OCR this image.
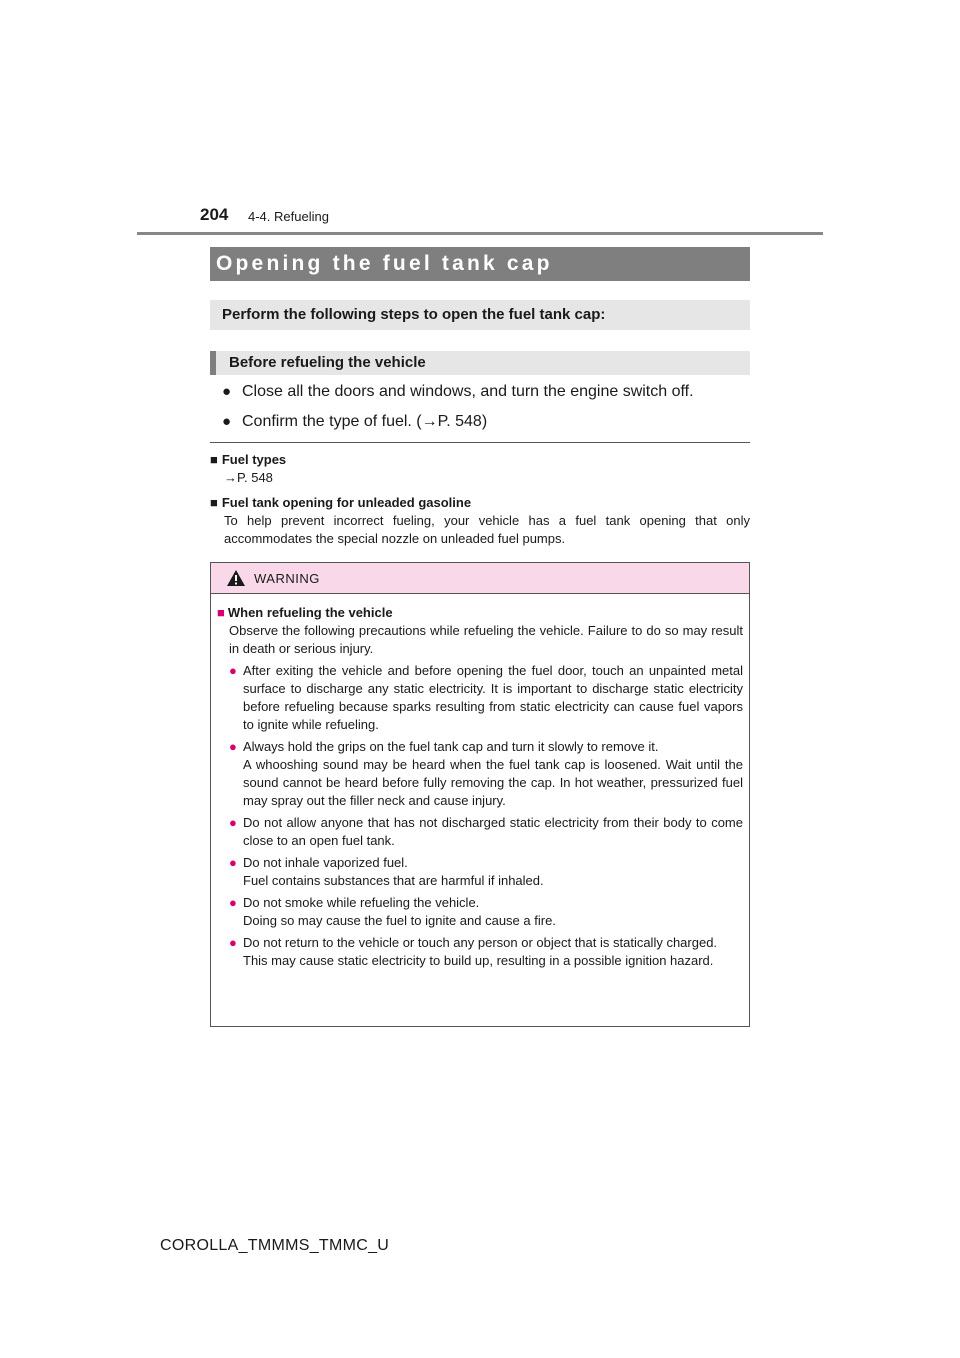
204 4-4. Refueling
Opening the fuel tank cap
Perform the following steps to open the fuel tank cap:
Before refueling the vehicle
● Close all the doors and windows, and turn the engine switch off.
● Confirm the type of fuel. (→P. 548)
■ Fuel types
→P. 548
■ Fuel tank opening for unleaded gasoline
To help prevent incorrect fueling, your vehicle has a fuel tank opening that only accommodates the special nozzle on unleaded fuel pumps.
WARNING
■ When refueling the vehicle
Observe the following precautions while refueling the vehicle. Failure to do so may result in death or serious injury.
● After exiting the vehicle and before opening the fuel door, touch an unpainted metal surface to discharge any static electricity. It is important to discharge static electricity before refueling because sparks resulting from static electricity can cause fuel vapors to ignite while refueling.
● Always hold the grips on the fuel tank cap and turn it slowly to remove it.
A whooshing sound may be heard when the fuel tank cap is loosened. Wait until the sound cannot be heard before fully removing the cap. In hot weather, pressurized fuel may spray out the filler neck and cause injury.
● Do not allow anyone that has not discharged static electricity from their body to come close to an open fuel tank.
● Do not inhale vaporized fuel.
Fuel contains substances that are harmful if inhaled.
● Do not smoke while refueling the vehicle.
Doing so may cause the fuel to ignite and cause a fire.
● Do not return to the vehicle or touch any person or object that is statically charged.
This may cause static electricity to build up, resulting in a possible ignition hazard.
COROLLA_TMMMS_TMMC_U
